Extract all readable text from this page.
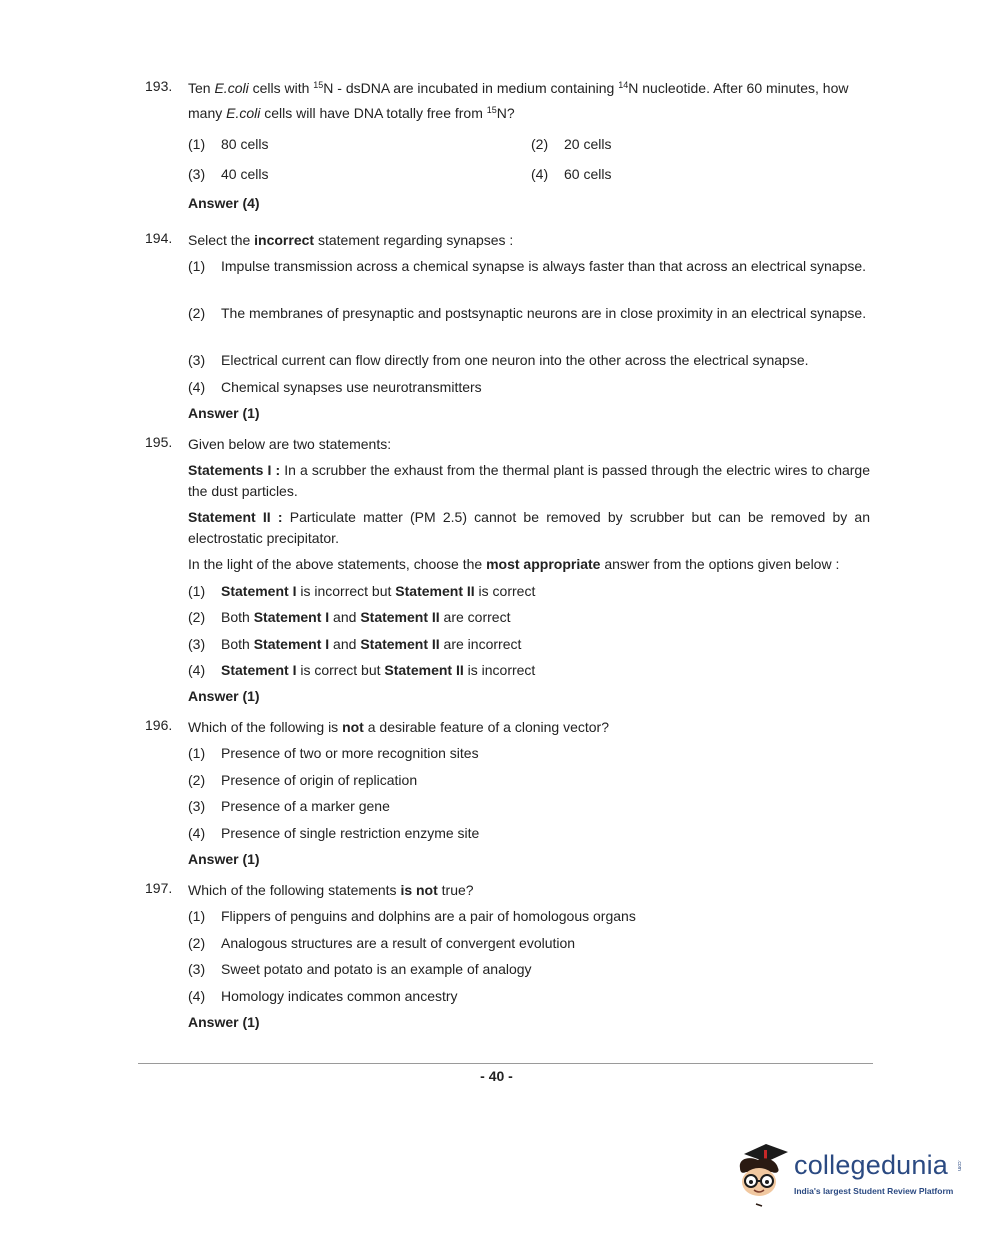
193. Ten E.coli cells with $^{15}$N - dsDNA are incubated in medium containing $^{14}$N nucleotide. After 60 minutes, how
many E.coli cells will have DNA totally free from $^{15}$N?
(1) 80 cells	(2) 20 cells
(3) 40 cells	(4) 60 cells
Answer (4)
194. Select the incorrect statement regarding synapses :
(1)	Impulse transmission across a chemical synapse is always faster than that across an electrical synapse.
(2)	The membranes of presynaptic and postsynaptic neurons are in close proximity in an electrical synapse.
(3) Electrical current can flow directly from one neuron into the other across the electrical synapse.
(4) Chemical synapses use neurotransmitters
Answer (1)
195. Given below are two statements:
Statements I : In a scrubber the exhaust from the thermal plant is passed through the electric wires to charge the dust particles.
Statement II : Particulate matter (PM 2.5) cannot be removed by scrubber but can be removed by an electrostatic precipitator.
In the light of the above statements, choose the most appropriate answer from the options given below :
(1) Statement I is incorrect but Statement II is correct
(2) Both Statement I and Statement II are correct
(3) Both Statement I and Statement II are incorrect
(4) Statement I is correct but Statement II is incorrect
Answer (1)
196. Which of the following is not a desirable feature of a cloning vector?
(1) Presence of two or more recognition sites
(2) Presence of origin of replication
(3) Presence of a marker gene
(4) Presence of single restriction enzyme site
Answer (1)
197. Which of the following statements is not true?
(1) Flippers of penguins and dolphins are a pair of homologous organs
(2) Analogous structures are a result of convergent evolution
(3) Sweet potato and potato is an example of analogy
(4) Homology indicates common ancestry
Answer (1)
- 40 -
collegedunia .com
India's largest Student Review Platform
